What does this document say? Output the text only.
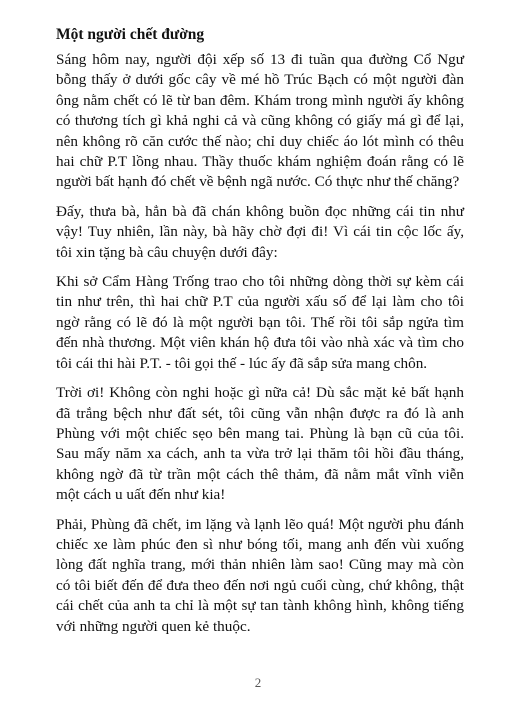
Một người chết đường

Sáng hôm nay, người đội xếp số 13 đi tuần qua đường Cổ Ngư bỗng thấy ở dưới gốc cây về mé hồ Trúc Bạch có một người đàn ông nằm chết có lẽ từ ban đêm. Khám trong mình người ấy không có thương tích gì khả nghi cả và cũng không có giấy má gì để lại, nên không rõ căn cước thế nào; chỉ duy chiếc áo lót mình có thêu hai chữ P.T lồng nhau. Thầy thuốc khám nghiệm đoán rằng có lẽ người bất hạnh đó chết về bệnh ngã nước. Có thực như thế chăng?

Đấy, thưa bà, hẳn bà đã chán không buồn đọc những cái tin như vậy! Tuy nhiên, lần này, bà hãy chờ đợi đi! Vì cái tin cộc lốc ấy, tôi xin tặng bà câu chuyện dưới đây:

Khi sở Cẩm Hàng Trống trao cho tôi những dòng thời sự kèm cái tin như trên, thì hai chữ P.T của người xấu số để lại làm cho tôi ngờ rằng có lẽ đó là một người bạn tôi. Thế rồi tôi sắp ngửa tìm đến nhà thương. Một viên khán hộ đưa tôi vào nhà xác và tìm cho tôi cái thi hài P.T. - tôi gọi thế - lúc ấy đã sắp sửa mang chôn.

Trời ơi! Không còn nghi hoặc gì nữa cả! Dù sắc mặt kẻ bất hạnh đã trắng bệch như đất sét, tôi cũng vẫn nhận được ra đó là anh Phùng với một chiếc sẹo bên mang tai. Phùng là bạn cũ của tôi. Sau mấy năm xa cách, anh ta vừa trở lại thăm tôi hồi đầu tháng, không ngờ đã từ trần một cách thê thảm, đã nằm mắt vĩnh viễn một cách u uất đến như kia!

Phải, Phùng đã chết, im lặng và lạnh lẽo quá! Một người phu đánh chiếc xe làm phúc đen sì như bóng tối, mang anh đến vùi xuống lòng đất nghĩa trang, mới thản nhiên làm sao! Cũng may mà còn có tôi biết đến để đưa theo đến nơi ngủ cuối cùng, chứ không, thật cái chết của anh ta chỉ là một sự tan tành không hình, không tiếng với những người quen kẻ thuộc.

2
